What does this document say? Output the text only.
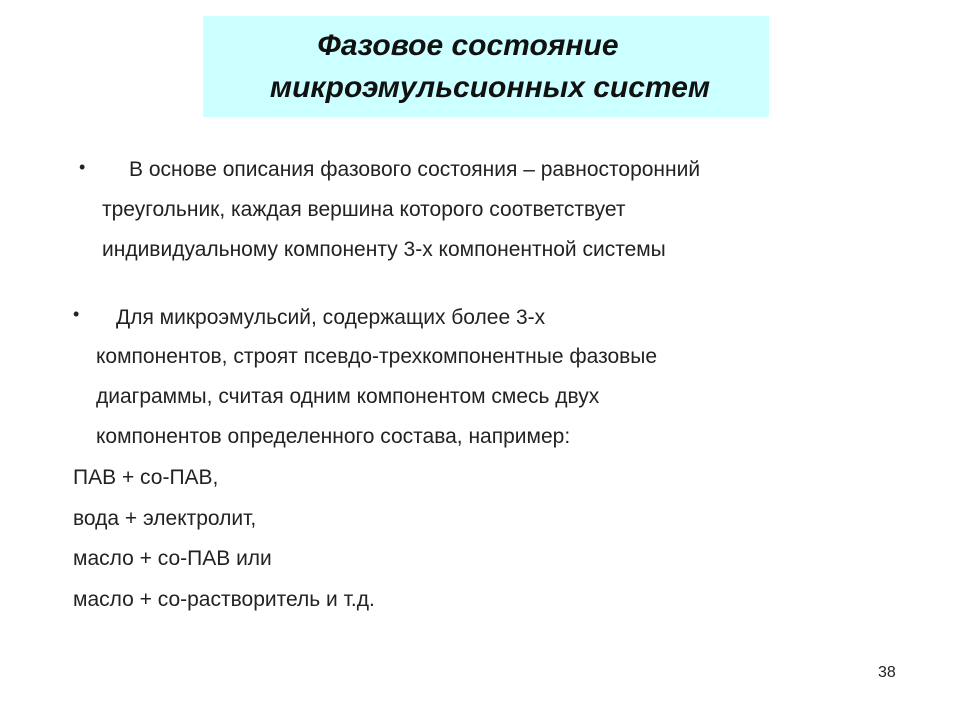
Фазовое состояние
микроэмульсионных систем
• В основе описания фазового состояния – равносторонний
треугольник, каждая вершина которого соответствует
индивидуальному компоненту 3-х компонентной системы
• Для микроэмульсий, содержащих более 3-х
компонентов, строят псевдо-трехкомпонентные фазовые
диаграммы, считая одним компонентом смесь двух
компонентов определенного состава, например:
ПАВ + со-ПАВ,
вода + электролит,
масло + со-ПАВ или
масло + со-растворитель и т.д.
38
